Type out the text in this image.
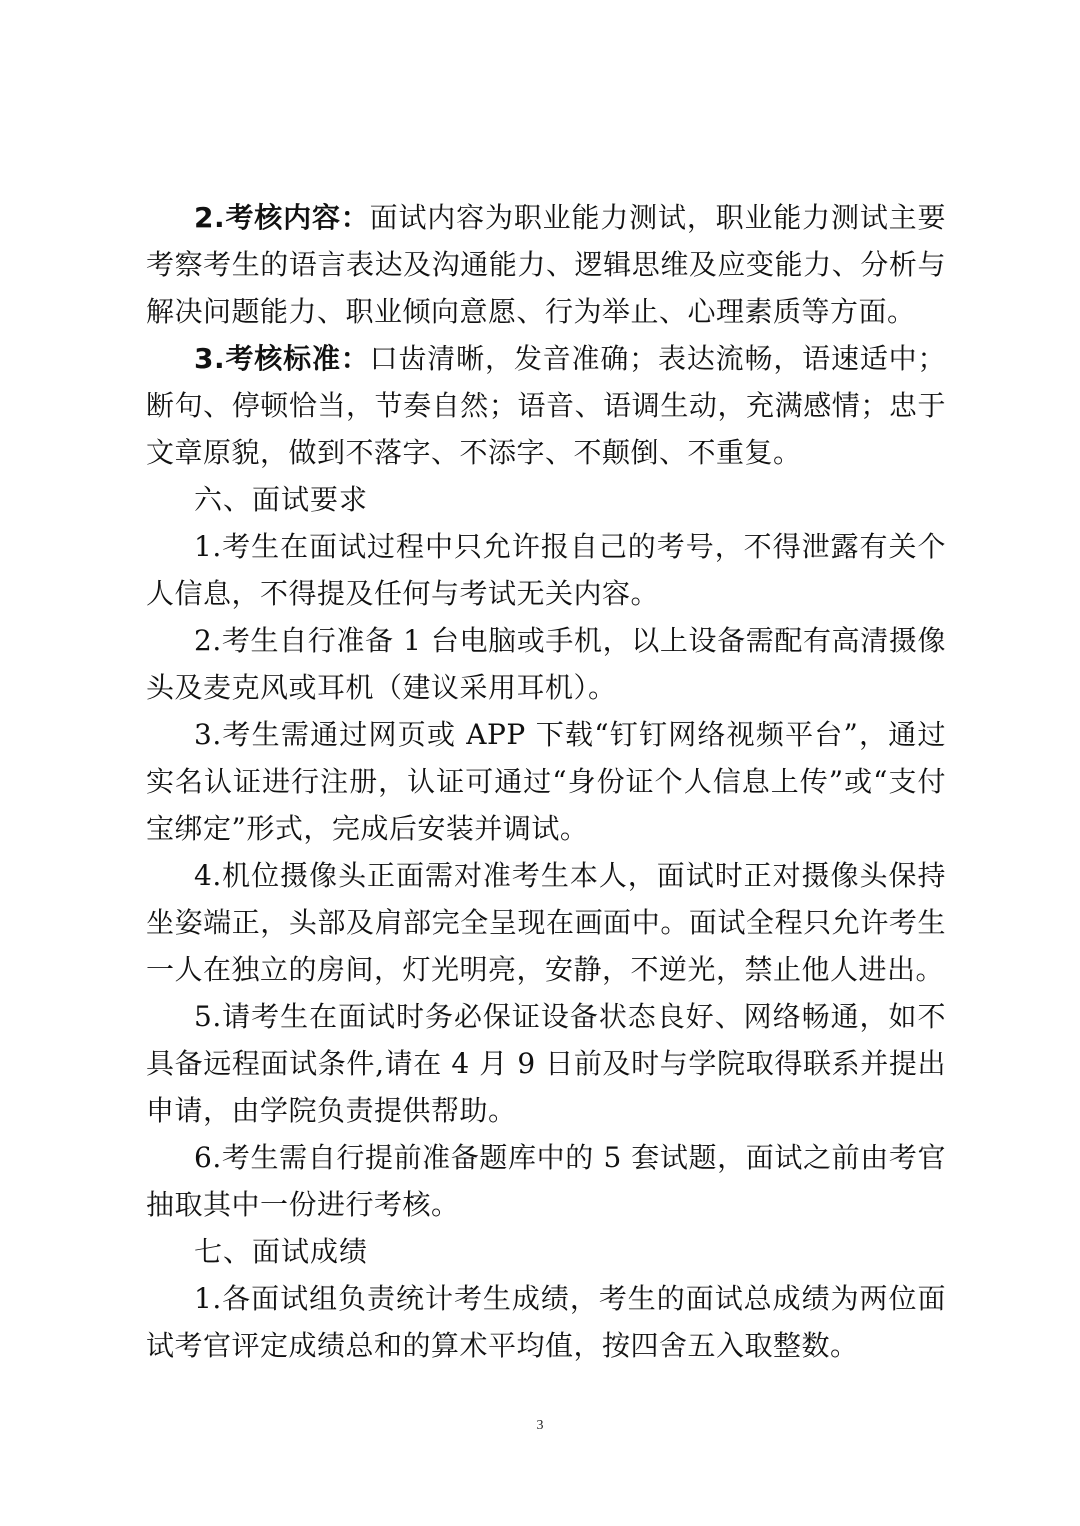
2.考核内容：面试内容为职业能力测试，职业能力测试主要考察考生的语言表达及沟通能力、逻辑思维及应变能力、分析与解决问题能力、职业倾向意愿、行为举止、心理素质等方面。

3.考核标准：口齿清晰，发音准确；表达流畅，语速适中；断句、停顿恰当，节奏自然；语音、语调生动，充满感情；忠于文章原貌，做到不落字、不添字、不颠倒、不重复。

六、面试要求

1.考生在面试过程中只允许报自己的考号，不得泄露有关个人信息，不得提及任何与考试无关内容。

2.考生自行准备 1 台电脑或手机，以上设备需配有高清摄像头及麦克风或耳机（建议采用耳机）。

3.考生需通过网页或 APP 下载“钉钉网络视频平台”，通过实名认证进行注册，认证可通过“身份证个人信息上传”或“支付宝绑定”形式，完成后安装并调试。

4.机位摄像头正面需对准考生本人，面试时正对摄像头保持坐姿端正，头部及肩部完全呈现在画面中。面试全程只允许考生一人在独立的房间，灯光明亮，安静，不逆光，禁止他人进出。

5.请考生在面试时务必保证设备状态良好、网络畅通，如不具备远程面试条件,请在 4 月 9 日前及时与学院取得联系并提出申请，由学院负责提供帮助。

6.考生需自行提前准备题库中的 5 套试题，面试之前由考官抽取其中一份进行考核。

七、面试成绩

1.各面试组负责统计考生成绩，考生的面试总成绩为两位面试考官评定成绩总和的算术平均值，按四舍五入取整数。

3
